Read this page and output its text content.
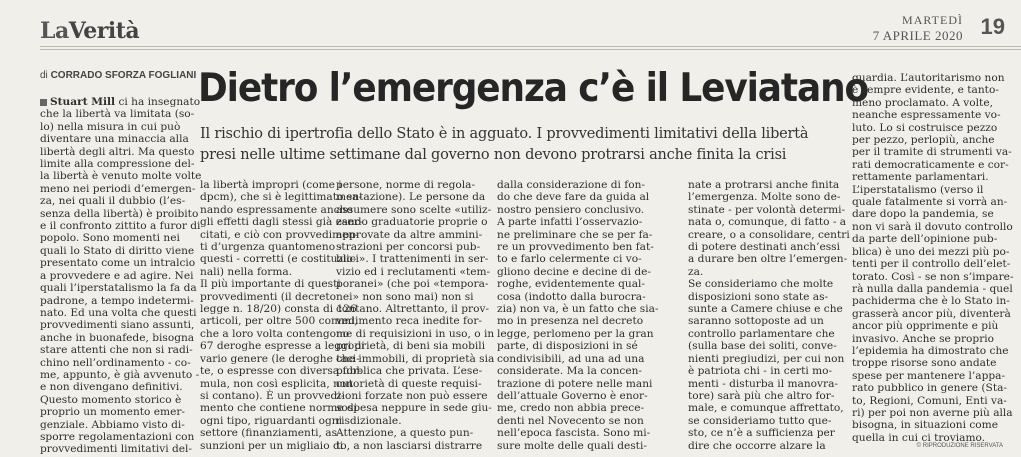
LaVerità	MARTEDÌ
7 APRILE 2020 19
di CORRADO SFORZA FOGLIANI Dietro l’emergenza c’è il Leviatano
Il rischio di ipertrofia dello Stato è in agguato. I provvedimenti limitativi della libertà presi nelle ultime settimane dal governo non devono protrarsi anche finita la crisi
Stuart Mill ci ha insegnato
che la libertà va limitata (so-
lo) nella misura in cui può
diventare una minaccia alla
libertà degli altri. Ma questo
limite alla compressione del-
la libertà è venuto molte volte
meno nei periodi d’emergen-
za, nei quali il dubbio (l’es-
senza della libertà) è proibito
e il confronto zittito a furor di
popolo. Sono momenti nei
quali lo Stato di diritto viene
presentato come un intralcio
a provvedere e ad agire. Nei
quali l’iperstatalismo la fa da
padrone, a tempo indetermi-
nato. Ed una volta che questi
provvedimenti siano assunti,
anche in buonafede, bisogna
stare attenti che non si radi-
chino nell’ordinamento - co-
me, appunto, è già avvenuto -
e non divengano definitivi.
Questo momento storico è
proprio un momento emer-
genziale. Abbiamo visto di-
sporre regolamentazioni con
provvedimenti limitativi del-
la libertà impropri (come i
dpcm), che si è legittimato sa-
nando espressamente anche
gli effetti dagli stessi già eser-
citati, e ciò con provvedimen-
ti d’urgenza quantomeno -
questi - corretti (e costituzio-
nali) nella forma.
Il più importante di questi
provvedimenti (il decreto
legge n. 18/20) consta di 126
articoli, per oltre 500 commi,
che a loro volta contengono
67 deroghe espresse a leggi di
vario genere (le deroghe taci-
te, o espresse con diversa for-
mula, non così esplicita, non
si contano). È un provvedi-
mento che contiene norme di
ogni tipo, riguardanti ogni
settore (finanziamenti, as-
sunzioni per un migliaio di
persone, norme di regola-
mentazione). Le persone da
assumere sono scelte «utiliz-
zando graduatorie proprie o
approvate da altre ammini-
strazioni per concorsi pub-
blici». I trattenimenti in ser-
vizio ed i reclutamenti «tem-
poranei» (che poi «tempora-
nei» non sono mai) non si
contano. Altrettanto, il prov-
vedimento reca inedite for-
me di requisizioni in uso, o in
proprietà, di beni sia mobili
che immobili, di proprietà sia
pubblica che privata. L’ese-
cutorietà di queste requisi-
zioni forzate non può essere
sospesa neppure in sede giu-
risdizionale.
Attenzione, a questo pun-
to, a non lasciarsi distrarre
dalla considerazione di fon-
do che deve fare da guida al
nostro pensiero conclusivo.
A parte infatti l’osservazio-
ne preliminare che se per fa-
re un provvedimento ben fat-
to e farlo celermente ci vo-
gliono decine e decine di de-
roghe, evidentemente qual-
cosa (indotto dalla burocra-
zia) non va, è un fatto che sia-
mo in presenza nel decreto
legge, perlomeno per la gran
parte, di disposizioni in sé
condivisibili, ad una ad una
considerate. Ma la concen-
trazione di potere nelle mani
dell’attuale Governo è enor-
me, credo non abbia prece-
denti nel Novecento se non
nell’epoca fascista. Sono mi-
sure molte delle quali desti-
nate a protrarsi anche finita
l’emergenza. Molte sono de-
stinate - per volontà determi-
nata o, comunque, di fatto - a
creare, o a consolidare, centri
di potere destinati anch’essi
a durare ben oltre l’emergen-
za.
Se consideriamo che molte
disposizioni sono state as-
sunte a Camere chiuse e che
saranno sottoposte ad un
controllo parlamentare che
(sulla base dei soliti, conve-
nienti pregiudizi, per cui non
è patriota chi - in certi mo-
menti - disturba il manovra-
tore) sarà più che altro for-
male, e comunque affrettato,
se consideriamo tutto que-
sto, ce n’è a sufficienza per
dire che occorre alzare la
guardia. L’autoritarismo non
è sempre evidente, e tanto-
meno proclamato. A volte,
neanche espressamente vo-
luto. Lo si costruisce pezzo
per pezzo, perlopiù, anche
per il tramite di strumenti va-
rati democraticamente e cor-
rettamente parlamentari.
L’iperstatalismo (verso il
quale fatalmente si vorrà an-
dare dopo la pandemia, se
non vi sarà il dovuto controllo
da parte dell’opinione pub-
blica) è uno dei mezzi più po-
tenti per il controllo dell’elet-
torato. Così - se non s’impare-
rà nulla dalla pandemia - quel
pachiderma che è lo Stato in-
grasserà ancor più, diventerà
ancor più opprimente e più
invasivo. Anche se proprio
l’epidemia ha dimostrato che
troppe risorse sono andate
spese per mantenere l’appa-
rato pubblico in genere (Sta-
to, Regioni, Comuni, Enti va-
ri) per poi non averne più alla
bisogna, in situazioni come
quella in cui ci troviamo.
© RIPRODUZIONE RISERVATA
